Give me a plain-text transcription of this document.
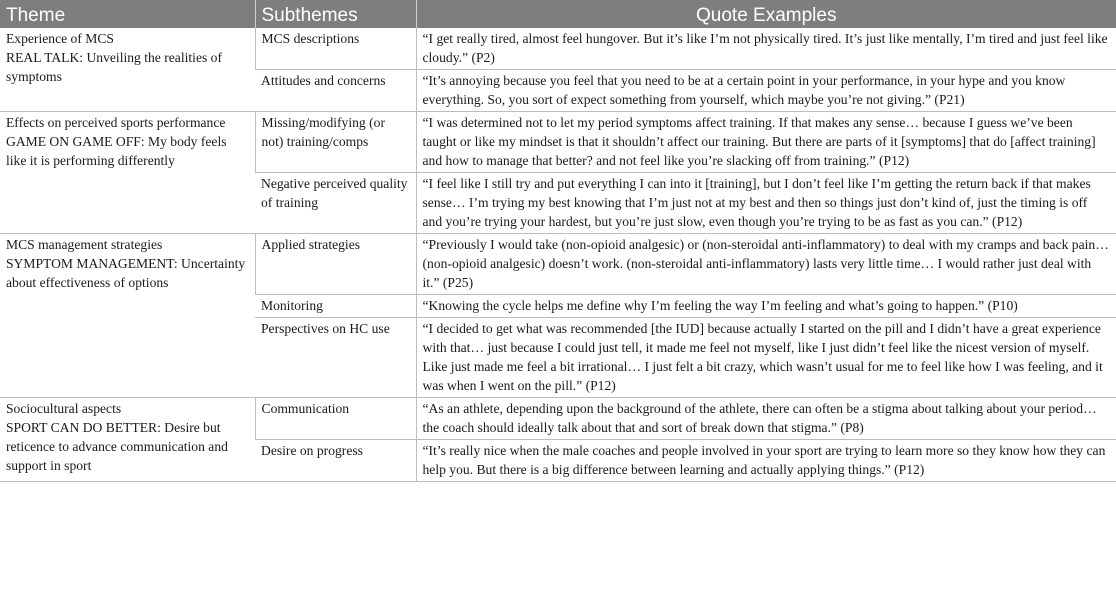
Theme	Subthemes	Quote Examples

Experience of MCS
REAL TALK: Unveiling the realities of symptoms	MCS descriptions	“I get really tired, almost feel hungover. But it’s like I’m not physically tired. It’s just like mentally, I’m tired and just feel like cloudy.” (P2)
	Attitudes and concerns	“It’s annoying because you feel that you need to be at a certain point in your performance, in your hype and you know everything. So, you sort of expect something from yourself, which maybe you’re not giving.” (P21)

Effects on perceived sports performance
GAME ON GAME OFF: My body feels like it is performing differently	Missing/modifying (or not) training/comps	“I was determined not to let my period symptoms affect training. If that makes any sense… because I guess we’ve been taught or like my mindset is that it shouldn’t affect our training. But there are parts of it [symptoms] that do [affect training] and how to manage that better? and not feel like you’re slacking off from training.” (P12)
	Negative perceived quality of training	“I feel like I still try and put everything I can into it [training], but I don’t feel like I’m getting the return back if that makes sense… I’m trying my best knowing that I’m just not at my best and then so things just don’t kind of, just the timing is off and you’re trying your hardest, but you’re just slow, even though you’re trying to be as fast as you can.” (P12)

MCS management strategies
SYMPTOM MANAGEMENT: Uncertainty about effectiveness of options	Applied strategies	“Previously I would take (non-opioid analgesic) or (non-steroidal anti-inflammatory) to deal with my cramps and back pain… (non-opioid analgesic) doesn’t work. (non-steroidal anti-inflammatory) lasts very little time… I would rather just deal with it.” (P25)
	Monitoring	“Knowing the cycle helps me define why I’m feeling the way I’m feeling and what’s going to happen.” (P10)
	Perspectives on HC use	“I decided to get what was recommended [the IUD] because actually I started on the pill and I didn’t have a great experience with that… just because I could just tell, it made me feel not myself, like I just didn’t feel like the nicest version of myself. Like just made me feel a bit irrational… I just felt a bit crazy, which wasn’t usual for me to feel like how I was feeling, and it was when I went on the pill.” (P12)

Sociocultural aspects
SPORT CAN DO BETTER: Desire but reticence to advance communication and support in sport	Communication	“As an athlete, depending upon the background of the athlete, there can often be a stigma about talking about your period… the coach should ideally talk about that and sort of break down that stigma.” (P8)
	Desire on progress	“It’s really nice when the male coaches and people involved in your sport are trying to learn more so they know how they can help you. But there is a big difference between learning and actually applying things.” (P12)
